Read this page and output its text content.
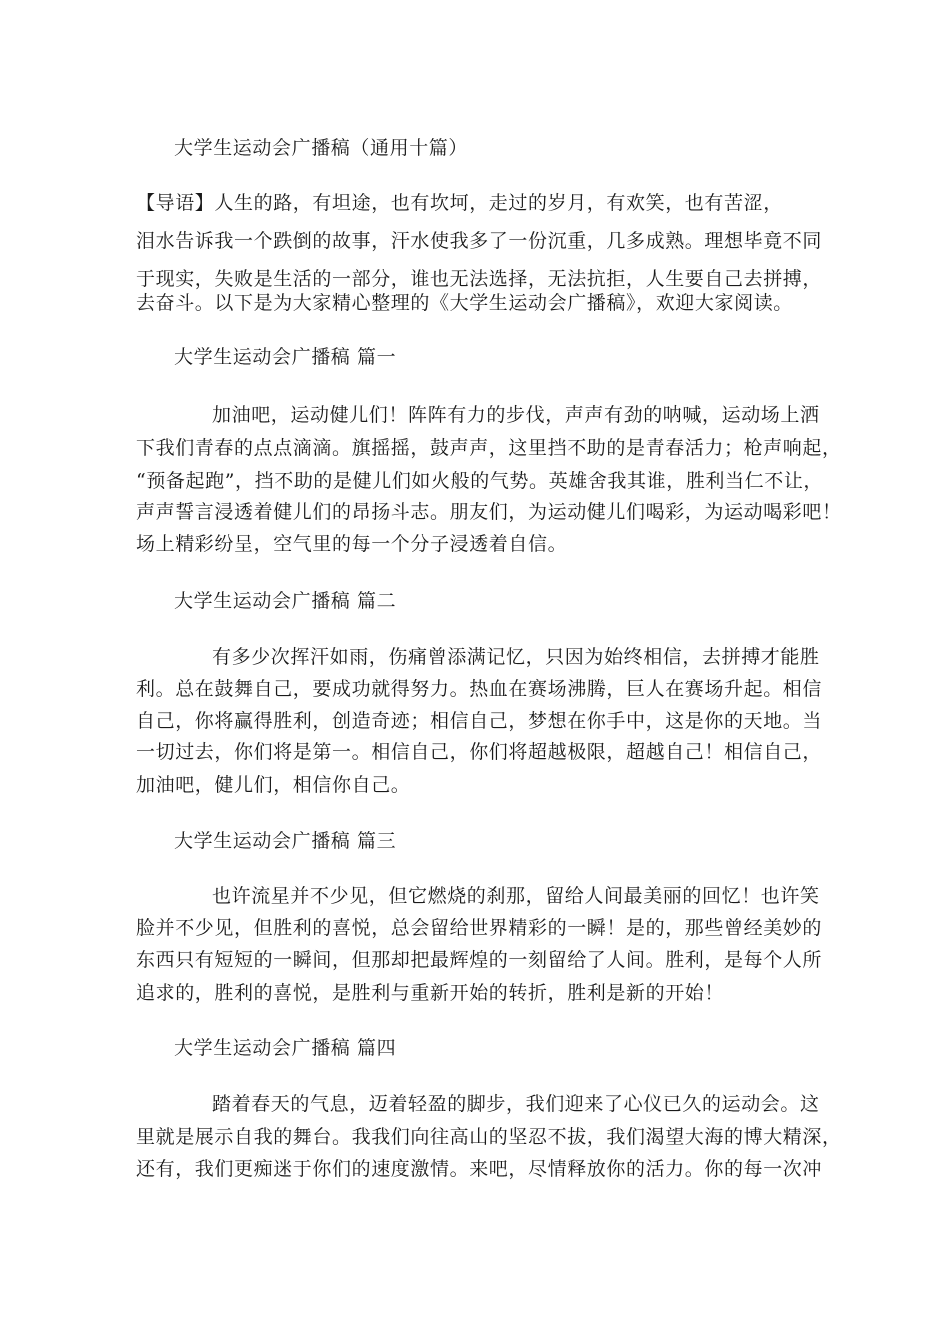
大学生运动会广播稿（通用十篇）
【导语】人生的路，有坦途，也有坎坷，走过的岁月，有欢笑，也有苦涩，
泪水告诉我一个跌倒的故事，汗水使我多了一份沉重，几多成熟。理想毕竟不同
于现实，失败是生活的一部分，谁也无法选择，无法抗拒，人生要自己去拼搏，
去奋斗。以下是为大家精心整理的《大学生运动会广播稿》，欢迎大家阅读。
大学生运动会广播稿 篇一
加油吧，运动健儿们！阵阵有力的步伐，声声有劲的呐喊，运动场上洒
下我们青春的点点滴滴。旗摇摇，鼓声声，这里挡不助的是青春活力；枪声响起，
“预备起跑”，挡不助的是健儿们如火般的气势。英雄舍我其谁，胜利当仁不让，
声声誓言浸透着健儿们的昂扬斗志。朋友们，为运动健儿们喝彩，为运动喝彩吧！
场上精彩纷呈，空气里的每一个分子浸透着自信。
大学生运动会广播稿 篇二
有多少次挥汗如雨，伤痛曾添满记忆，只因为始终相信，去拼搏才能胜
利。总在鼓舞自己，要成功就得努力。热血在赛场沸腾，巨人在赛场升起。相信
自己，你将赢得胜利，创造奇迹；相信自己，梦想在你手中，这是你的天地。当
一切过去，你们将是第一。相信自己，你们将超越极限，超越自己！相信自己，
加油吧，健儿们，相信你自己。
大学生运动会广播稿 篇三
也许流星并不少见，但它燃烧的刹那，留给人间最美丽的回忆！也许笑
脸并不少见，但胜利的喜悦，总会留给世界精彩的一瞬！是的，那些曾经美妙的
东西只有短短的一瞬间，但那却把最辉煌的一刻留给了人间。胜利，是每个人所
追求的，胜利的喜悦，是胜利与重新开始的转折，胜利是新的开始！
大学生运动会广播稿 篇四
踏着春天的气息，迈着轻盈的脚步，我们迎来了心仪已久的运动会。这
里就是展示自我的舞台。我我们向往高山的坚忍不拔，我们渴望大海的博大精深，
还有，我们更痴迷于你们的速度激情。来吧，尽情释放你的活力。你的每一次冲
